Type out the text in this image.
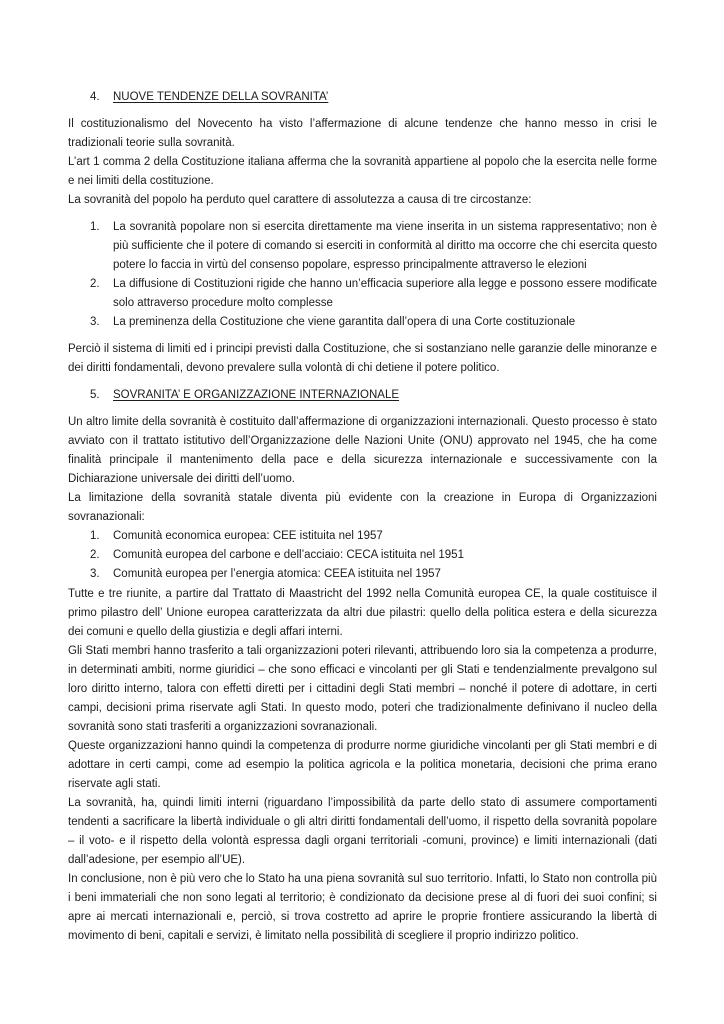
4. NUOVE TENDENZE DELLA SOVRANITA’

Il costituzionalismo del Novecento ha visto l’affermazione di alcune tendenze che hanno messo in crisi le tradizionali teorie sulla sovranità.

L’art 1 comma 2 della Costituzione italiana afferma che la sovranità appartiene al popolo che la esercita nelle forme e nei limiti della costituzione.

La sovranità del popolo ha perduto quel carattere di assolutezza a causa di tre circostanze:

1. La sovranità popolare non si esercita direttamente ma viene inserita in un sistema rappresentativo; non è più sufficiente che il potere di comando si eserciti in conformità al diritto ma occorre che chi esercita questo potere lo faccia in virtù del consenso popolare, espresso principalmente attraverso le elezioni
2. La diffusione di Costituzioni rigide che hanno un’efficacia superiore alla legge e possono essere modificate solo attraverso procedure molto complesse
3. La preminenza della Costituzione che viene garantita dall’opera di una Corte costituzionale

Perciò il sistema di limiti ed i principi previsti dalla Costituzione, che si sostanziano nelle garanzie delle minoranze e dei diritti fondamentali, devono prevalere sulla volontà di chi detiene il potere politico.

5. SOVRANITA’ E ORGANIZZAZIONE INTERNAZIONALE

Un altro limite della sovranità è costituito dall’affermazione di organizzazioni internazionali. Questo processo è stato avviato con il trattato istitutivo dell’Organizzazione delle Nazioni Unite (ONU) approvato nel 1945, che ha come finalità principale il mantenimento della pace e della sicurezza internazionale e successivamente con la Dichiarazione universale dei diritti dell’uomo.

La limitazione della sovranità statale diventa più evidente con la creazione in Europa di Organizzazioni sovranazionali:

1. Comunità economica europea: CEE istituita nel 1957
2. Comunità europea del carbone e dell’acciaio: CECA istituita nel 1951
3. Comunità europea per l’energia atomica: CEEA istituita nel 1957

Tutte e tre riunite, a partire dal Trattato di Maastricht del 1992 nella Comunità europea CE, la quale costituisce il primo pilastro dell’ Unione europea caratterizzata da altri due pilastri: quello della politica estera e della sicurezza dei comuni e quello della giustizia e degli affari interni.

Gli Stati membri hanno trasferito a tali organizzazioni poteri rilevanti, attribuendo loro sia la competenza a produrre, in determinati ambiti, norme giuridici – che sono efficaci e vincolanti per gli Stati e tendenzialmente prevalgono sul loro diritto interno, talora con effetti diretti per i cittadini degli Stati membri – nonché il potere di adottare, in certi campi, decisioni prima riservate agli Stati. In questo modo, poteri che tradizionalmente definivano il nucleo della sovranità sono stati trasferiti a organizzazioni sovranazionali.

Queste organizzazioni hanno quindi la competenza di produrre norme giuridiche vincolanti per gli Stati membri e di adottare in certi campi, come ad esempio la politica agricola e la politica monetaria, decisioni che prima erano riservate agli stati.

La sovranità, ha, quindi limiti interni (riguardano l’impossibilità da parte dello stato di assumere comportamenti tendenti a sacrificare la libertà individuale o gli altri diritti fondamentali dell’uomo, il rispetto della sovranità popolare – il voto- e il rispetto della volontà espressa dagli organi territoriali -comuni, province) e limiti internazionali (dati dall’adesione, per esempio all’UE).

In conclusione, non è più vero che lo Stato ha una piena sovranità sul suo territorio. Infatti, lo Stato non controlla più i beni immateriali che non sono legati al territorio; è condizionato da decisione prese al di fuori dei suoi confini; si apre ai mercati internazionali e, perciò, si trova costretto ad aprire le proprie frontiere assicurando la libertà di movimento di beni, capitali e servizi, è limitato nella possibilità di scegliere il proprio indirizzo politico.
